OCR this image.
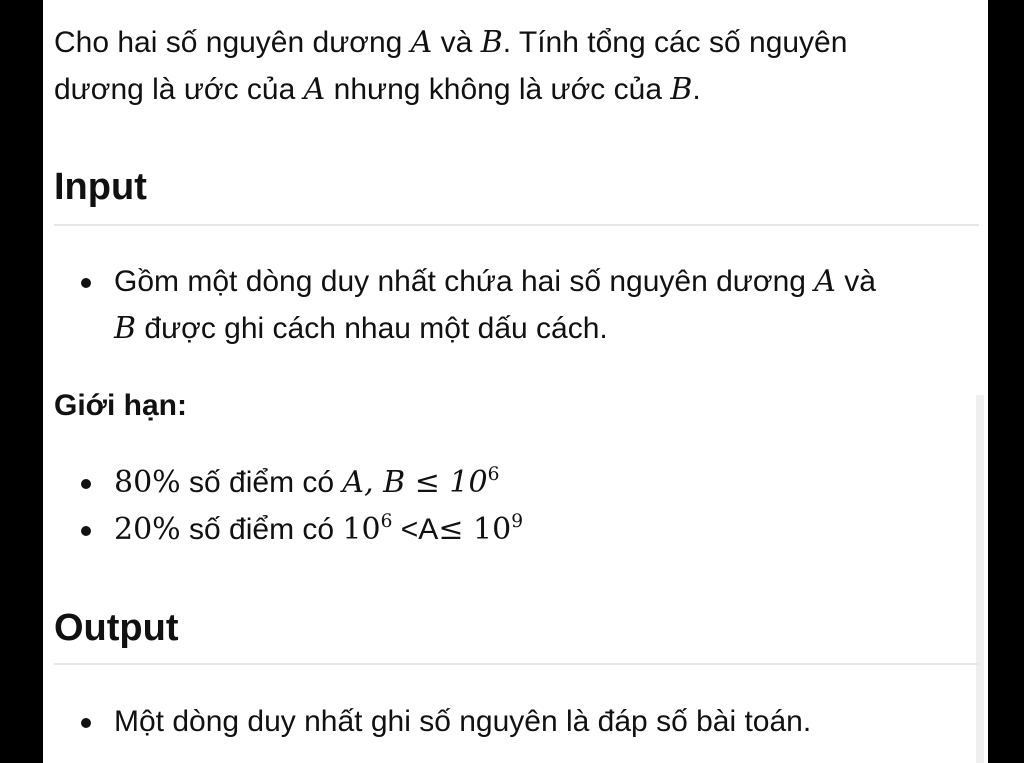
Cho hai số nguyên dương A và B. Tính tổng các số nguyên

dương là ước của A nhưng không là ước của B.

Input

Gồm một dòng duy nhất chứa hai số nguyên dương A và

B được ghi cách nhau một dấu cách.

Giới hạn:

80% số điểm có A, $B \le 10^6$

20% số điểm có $10^6 <A\le 10^9$

Output

Một dòng duy nhất ghi số nguyên là đáp số bài toán.
